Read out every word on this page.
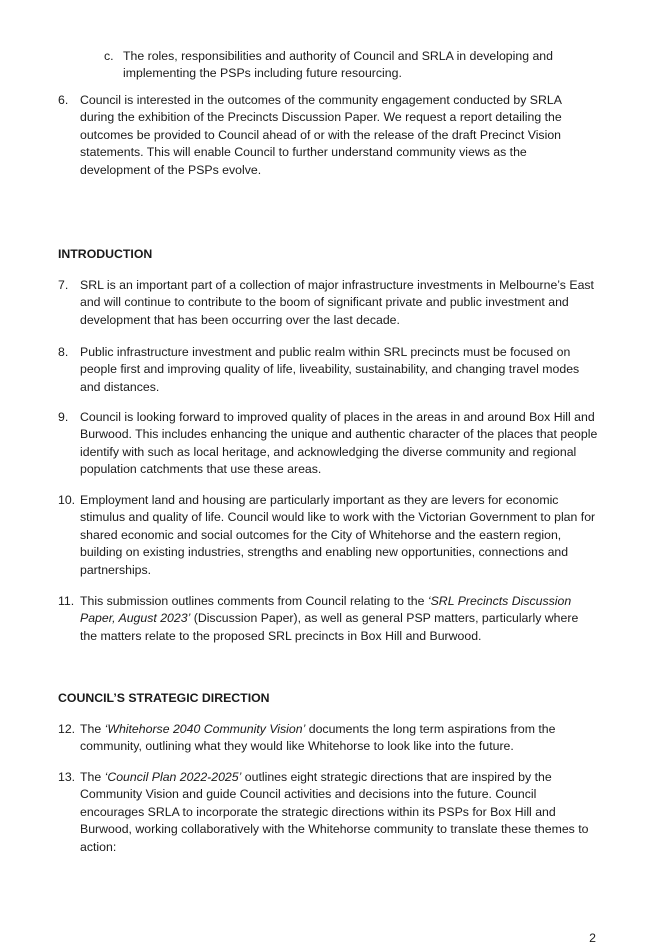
c. The roles, responsibilities and authority of Council and SRLA in developing and implementing the PSPs including future resourcing.
6. Council is interested in the outcomes of the community engagement conducted by SRLA during the exhibition of the Precincts Discussion Paper. We request a report detailing the outcomes be provided to Council ahead of or with the release of the draft Precinct Vision statements. This will enable Council to further understand community views as the development of the PSPs evolve.
INTRODUCTION
7. SRL is an important part of a collection of major infrastructure investments in Melbourne’s East and will continue to contribute to the boom of significant private and public investment and development that has been occurring over the last decade.
8. Public infrastructure investment and public realm within SRL precincts must be focused on people first and improving quality of life, liveability, sustainability, and changing travel modes and distances.
9. Council is looking forward to improved quality of places in the areas in and around Box Hill and Burwood. This includes enhancing the unique and authentic character of the places that people identify with such as local heritage, and acknowledging the diverse community and regional population catchments that use these areas.
10. Employment land and housing are particularly important as they are levers for economic stimulus and quality of life. Council would like to work with the Victorian Government to plan for shared economic and social outcomes for the City of Whitehorse and the eastern region, building on existing industries, strengths and enabling new opportunities, connections and partnerships.
11. This submission outlines comments from Council relating to the ‘SRL Precincts Discussion Paper, August 2023’ (Discussion Paper), as well as general PSP matters, particularly where the matters relate to the proposed SRL precincts in Box Hill and Burwood.
COUNCIL’S STRATEGIC DIRECTION
12. The ‘Whitehorse 2040 Community Vision’ documents the long term aspirations from the community, outlining what they would like Whitehorse to look like into the future.
13. The ‘Council Plan 2022-2025’ outlines eight strategic directions that are inspired by the Community Vision and guide Council activities and decisions into the future. Council encourages SRLA to incorporate the strategic directions within its PSPs for Box Hill and Burwood, working collaboratively with the Whitehorse community to translate these themes to action:
2
